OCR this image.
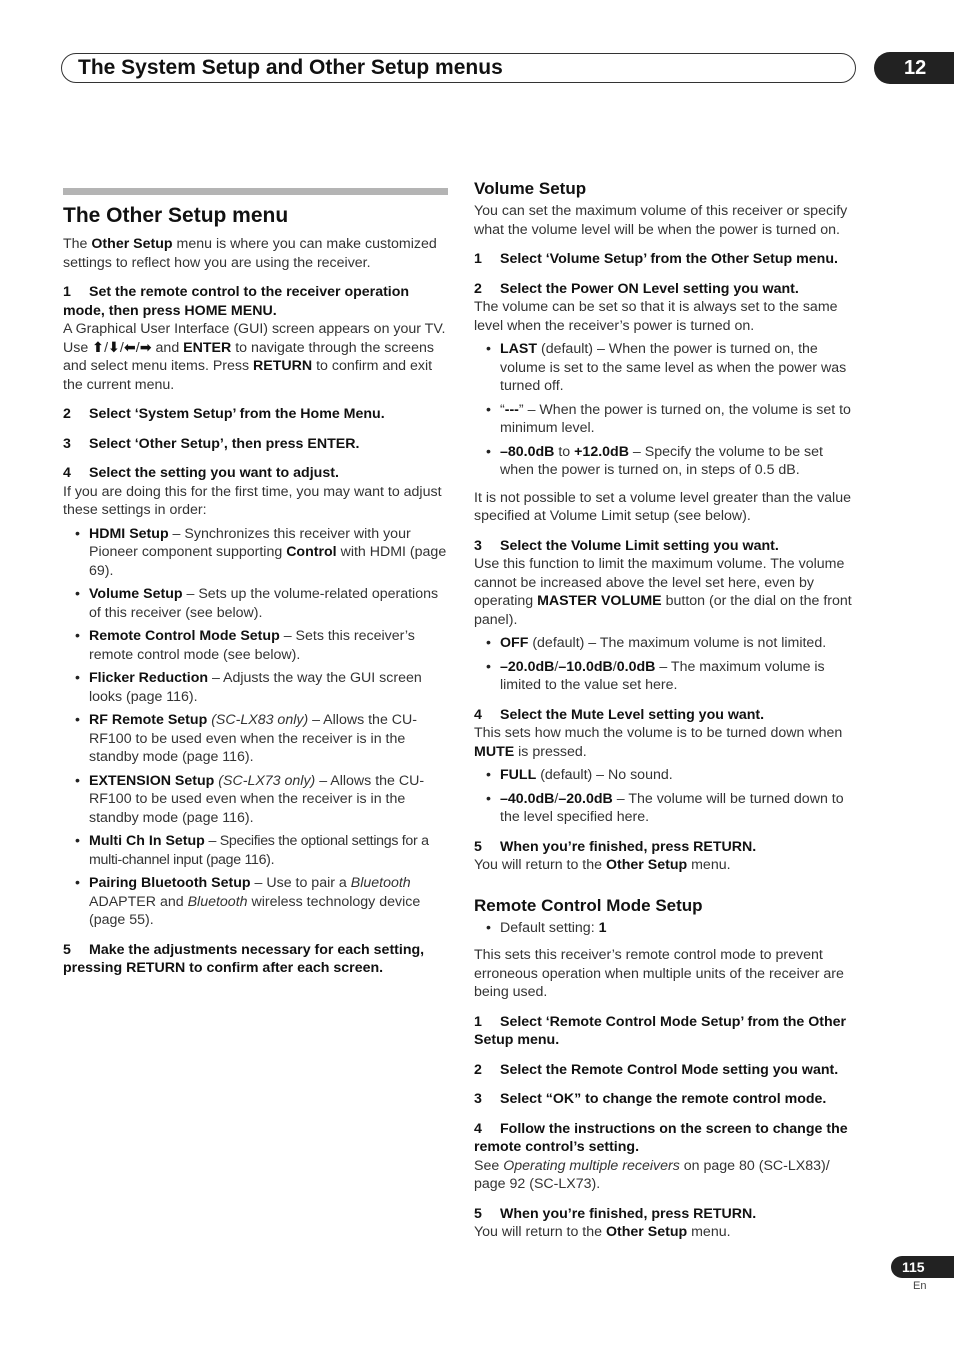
The System Setup and Other Setup menus	12
The Other Setup menu

The Other Setup menu is where you can make customized settings to reflect how you are using the receiver.

1 Set the remote control to the receiver operation mode, then press HOME MENU.

A Graphical User Interface (GUI) screen appears on your TV. Use ⬆/⬇/⬅/➡ and ENTER to navigate through the screens and select menu items. Press RETURN to confirm and exit the current menu.

2 Select ‘System Setup’ from the Home Menu.

3 Select ‘Other Setup’, then press ENTER.

4 Select the setting you want to adjust.

If you are doing this for the first time, you may want to adjust these settings in order:

• HDMI Setup – Synchronizes this receiver with your Pioneer component supporting Control with HDMI (page 69).
• Volume Setup – Sets up the volume-related operations of this receiver (see below).
• Remote Control Mode Setup – Sets this receiver’s remote control mode (see below).
• Flicker Reduction – Adjusts the way the GUI screen looks (page 116).
• RF Remote Setup (SC-LX83 only) – Allows the CU-RF100 to be used even when the receiver is in the standby mode (page 116).
• EXTENSION Setup (SC-LX73 only) – Allows the CU-RF100 to be used even when the receiver is in the standby mode (page 116).
• Multi Ch In Setup – Specifies the optional settings for a multi-channel input (page 116).
• Pairing Bluetooth Setup – Use to pair a Bluetooth ADAPTER and Bluetooth wireless technology device (page 55).

5 Make the adjustments necessary for each setting, pressing RETURN to confirm after each screen.

Volume Setup

You can set the maximum volume of this receiver or specify what the volume level will be when the power is turned on.

1 Select ‘Volume Setup’ from the Other Setup menu.

2 Select the Power ON Level setting you want.

The volume can be set so that it is always set to the same level when the receiver’s power is turned on.

• LAST (default) – When the power is turned on, the volume is set to the same level as when the power was turned off.
• “---” – When the power is turned on, the volume is set to minimum level.
• –80.0dB to +12.0dB – Specify the volume to be set when the power is turned on, in steps of 0.5 dB.

It is not possible to set a volume level greater than the value specified at Volume Limit setup (see below).

3 Select the Volume Limit setting you want.

Use this function to limit the maximum volume. The volume cannot be increased above the level set here, even by operating MASTER VOLUME button (or the dial on the front panel).

• OFF (default) – The maximum volume is not limited.
• –20.0dB/–10.0dB/0.0dB – The maximum volume is limited to the value set here.

4 Select the Mute Level setting you want.

This sets how much the volume is to be turned down when MUTE is pressed.

• FULL (default) – No sound.
• –40.0dB/–20.0dB – The volume will be turned down to the level specified here.

5 When you’re finished, press RETURN.

You will return to the Other Setup menu.

Remote Control Mode Setup
• Default setting: 1

This sets this receiver’s remote control mode to prevent erroneous operation when multiple units of the receiver are being used.

1 Select ‘Remote Control Mode Setup’ from the Other Setup menu.

2 Select the Remote Control Mode setting you want.

3 Select “OK” to change the remote control mode.

4 Follow the instructions on the screen to change the remote control’s setting.

See Operating multiple receivers on page 80 (SC-LX83)/ page 92 (SC-LX73).

5 When you’re finished, press RETURN.

You will return to the Other Setup menu.

115
En
